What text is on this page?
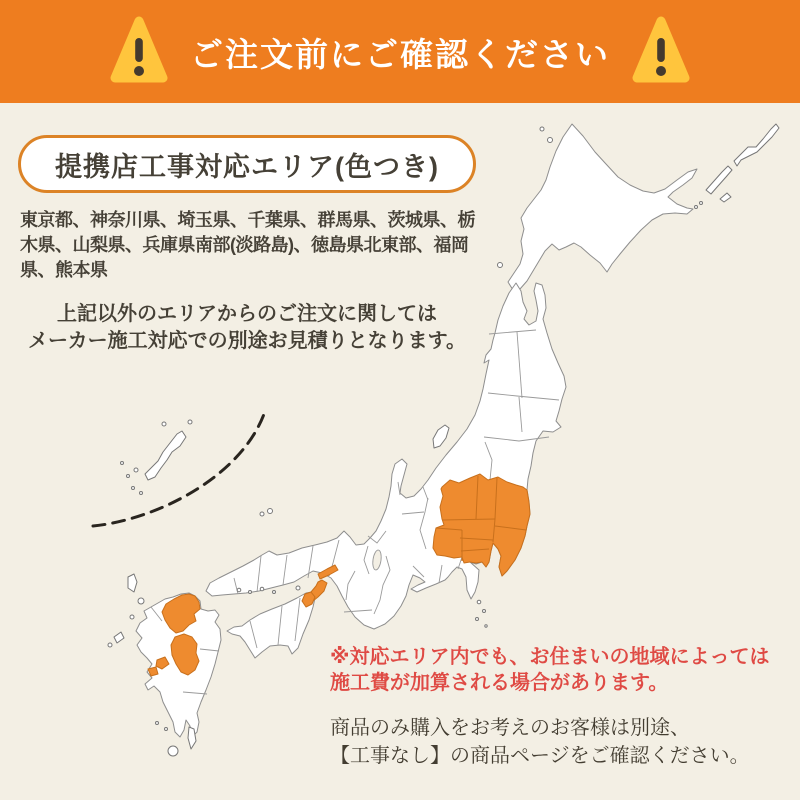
ご注文前にご確認ください
提携店工事対応エリア(色つき)
東京都、神奈川県、埼玉県、千葉県、群馬県、茨城県、栃木県、山梨県、兵庫県南部(淡路島)、徳島県北東部、福岡県、熊本県
上記以外のエリアからのご注文に関しては
メーカー施工対応での別途お見積りとなります。
※対応エリア内でも、お住まいの地域によっては
施工費が加算される場合があります。
商品のみ購入をお考えのお客様は別途、
【工事なし】の商品ページをご確認ください。
